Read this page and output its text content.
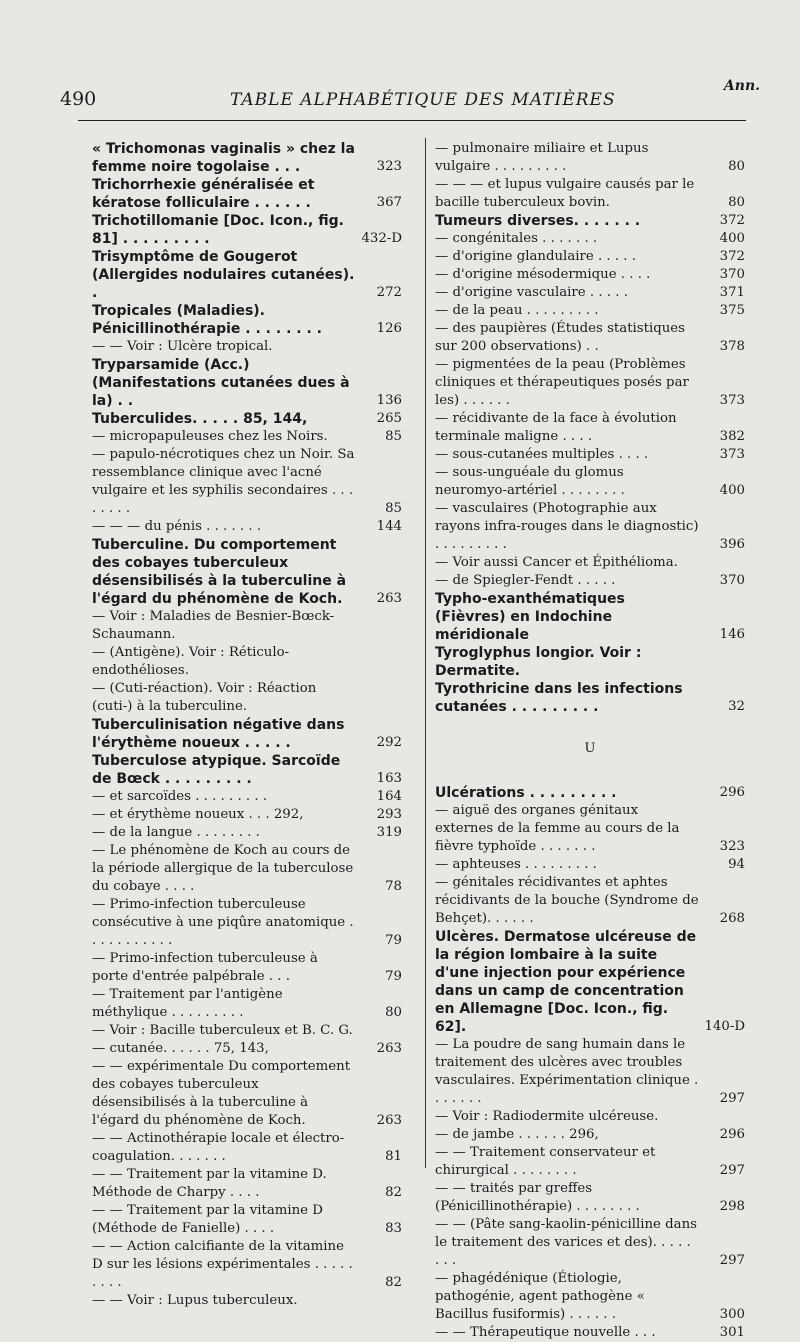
490	TABLE ALPHABÉTIQUE DES MATIÈRES
Ann.
« Trichomonas vaginalis » chez la femme noire togolaise . . .	323
Trichorrhexie généralisée et kératose folliculaire . . . . . .	367
Trichotillomanie [Doc. Icon., fig. 81] . . . . . . . . .	432-D
Trisymptôme de Gougerot (Allergides nodulaires cutanées). .	272
Tropicales (Maladies). Pénicillinothérapie . . . . . . . .	126
— — Voir : Ulcère tropical.
Tryparsamide (Acc.) (Manifestations cutanées dues à la) . .	136
Tuberculides. . . . . 85, 144,	265
— micropapuleuses chez les Noirs.	85
— papulo-nécrotiques chez un Noir. Sa ressemblance clinique avec l'acné vulgaire et les syphilis secondaires . . . . . . . .	85
— — — du pénis . . . . . . .	144
Tuberculine. Du comportement des cobayes tuberculeux désensibilisés à la tuberculine à l'égard du phénomène de Koch.	263
— Voir : Maladies de Besnier-Bœck-Schaumann.
— (Antigène). Voir : Réticulo-endothélioses.
— (Cuti-réaction). Voir : Réaction (cuti-) à la tuberculine.
Tuberculinisation négative dans l'érythème noueux . . . . .	292
Tuberculose atypique. Sarcoïde de Bœck . . . . . . . . .	163
— et sarcoïdes . . . . . . . . .	164
— et érythème noueux . . . 292,	293
— de la langue . . . . . . . .	319
— Le phénomène de Koch au cours de la période allergique de la tuberculose du cobaye . . . .	78
— Primo-infection tuberculeuse consécutive à une piqûre anatomique . . . . . . . . . . .	79
— Primo-infection tuberculeuse à porte d'entrée palpébrale . . .	79
— Traitement par l'antigène méthylique . . . . . . . . .	80
— Voir : Bacille tuberculeux et B. C. G.
— cutanée. . . . . . 75, 143,	263
— — expérimentale Du comportement des cobayes tuberculeux désensibilisés à la tuberculine à l'égard du phénomène de Koch.	263
— — Actinothérapie locale et électro-coagulation. . . . . . .	81
— — Traitement par la vitamine D. Méthode de Charpy . . . .	82
— — Traitement par la vitamine D (Méthode de Fanielle) . . . .	83
— — Action calcifiante de la vitamine D sur les lésions expérimentales . . . . . . . . .	82
— — Voir : Lupus tuberculeux.
— pulmonaire miliaire et Lupus vulgaire . . . . . . . . .	80
— — — et lupus vulgaire causés par le bacille tuberculeux bovin.	80
Tumeurs diverses. . . . . . .	372
— congénitales . . . . . . .	400
— d'origine glandulaire . . . . .	372
— d'origine mésodermique . . . .	370
— d'origine vasculaire . . . . .	371
— de la peau . . . . . . . . .	375
— des paupières (Études statistiques sur 200 observations) . .	378
— pigmentées de la peau (Problèmes cliniques et thérapeutiques posés par les) . . . . . .	373
— récidivante de la face à évolution terminale maligne . . . .	382
— sous-cutanées multiples . . . .	373
— sous-unguéale du glomus neuromyo-artériel . . . . . . . .	400
— vasculaires (Photographie aux rayons infra-rouges dans le diagnostic) . . . . . . . . .	396
— Voir aussi Cancer et Épithélioma.
— de Spiegler-Fendt . . . . .	370
Typho-exanthématiques (Fièvres) en Indochine méridionale	146
Tyroglyphus longior. Voir : Dermatite.
Tyrothricine dans les infections cutanées . . . . . . . . .	32
U
Ulcérations . . . . . . . . .	296
— aiguë des organes génitaux externes de la femme au cours de la fièvre typhoïde . . . . . . .	323
— aphteuses . . . . . . . . .	94
— génitales récidivantes et aphtes récidivants de la bouche (Syndrome de Behçet). . . . . .	268
Ulcères. Dermatose ulcéreuse de la région lombaire à la suite d'une injection pour expérience dans un camp de concentration en Allemagne [Doc. Icon., fig. 62].	140-D
— La poudre de sang humain dans le traitement des ulcères avec troubles vasculaires. Expérimentation clinique . . . . . . .	297
— Voir : Radiodermite ulcéreuse.
— de jambe . . . . . . 296,	296
— — Traitement conservateur et chirurgical . . . . . . . .	297
— — traités par greffes (Pénicillinothérapie) . . . . . . . .	298
— — (Pâte sang-kaolin-pénicilline dans le traitement des varices et des). . . . . . . .	297
— phagédénique (Étiologie, pathogénie, agent pathogène « Bacillus fusiformis) . . . . . .	300
— — Thérapeutique nouvelle . . .	301
